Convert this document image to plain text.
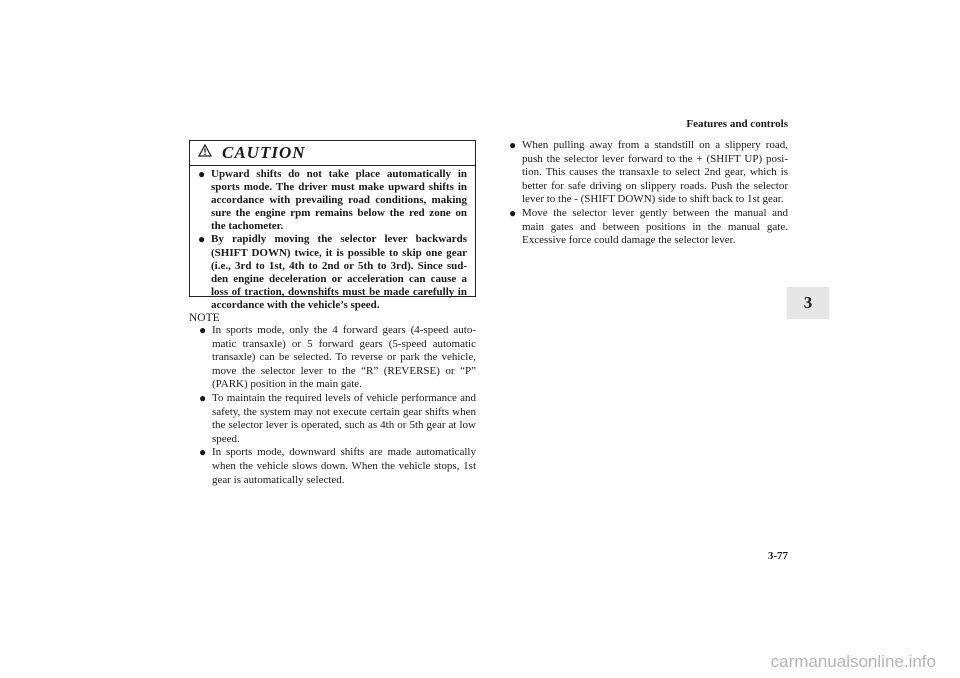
Features and controls
3
CAUTION
● Upward shifts do not take place automatically in sports mode. The driver must make upward shifts in accordance with prevailing road conditions, making sure the engine rpm remains below the red zone on the tachometer.
● By rapidly moving the selector lever backwards (SHIFT DOWN) twice, it is possible to skip one gear (i.e., 3rd to 1st, 4th to 2nd or 5th to 3rd). Since sud-den engine deceleration or acceleration can cause a loss of traction, downshifts must be made carefully in accordance with the vehicle’s speed.
NOTE
● In sports mode, only the 4 forward gears (4-speed auto-matic transaxle) or 5 forward gears (5-speed automatic transaxle) can be selected. To reverse or park the vehicle, move the selector lever to the “R” (REVERSE) or “P” (PARK) position in the main gate.
● To maintain the required levels of vehicle performance and safety, the system may not execute certain gear shifts when the selector lever is operated, such as 4th or 5th gear at low speed.
● In sports mode, downward shifts are made automatically when the vehicle slows down. When the vehicle stops, 1st gear is automatically selected.
● When pulling away from a standstill on a slippery road, push the selector lever forward to the + (SHIFT UP) posi-tion. This causes the transaxle to select 2nd gear, which is better for safe driving on slippery roads. Push the selector lever to the - (SHIFT DOWN) side to shift back to 1st gear.
● Move the selector lever gently between the manual and main gates and between positions in the manual gate. Excessive force could damage the selector lever.
3-77
carmanualsonline.info
